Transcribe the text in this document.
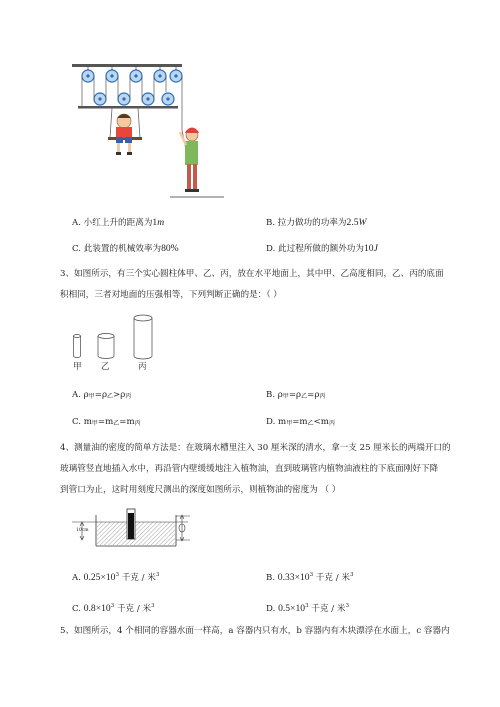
A. 小红上升的距离为1m	B. 拉力做功的功率为2.5W
C. 此装置的机械效率为80%	D. 此过程所做的额外功为10J
3、如图所示，有三个实心圆柱体甲、乙、丙，放在水平地面上，其中甲、乙高度相同，乙、丙的底面
积相同，三者对地面的压强相等，下列判断正确的是：（ ）
甲 乙	丙
A. ρ甲=ρ乙>ρ丙	B. ρ甲=ρ乙=ρ丙
C. m甲=m乙=m丙	D. m甲=m乙<m丙
4、测量油的密度的简单方法是：在玻璃水槽里注入 30 厘米深的清水，拿一支 25 厘米长的两端开口的
玻璃管竖直地插入水中，再沿管内壁缓缓地注入植物油，直到玻璃管内植物油液柱的下底面刚好下降
到管口为止，这时用刻度尺测出的深度如图所示，则植物油的密度为 （ ）
10cm
A. $0.25\times 10^3$ 千克 / 米$^3$	B. $0.33\times 10^3$ 千克 / 米$^3$
C. $0.8\times 10^3$ 千克 / 米$^3$	D. $0.5\times 10^3$ 千克 / 米$^3$
5、如图所示，4 个相同的容器水面一样高，a 容器内只有水，b 容器内有木块漂浮在水面上，c 容器内
